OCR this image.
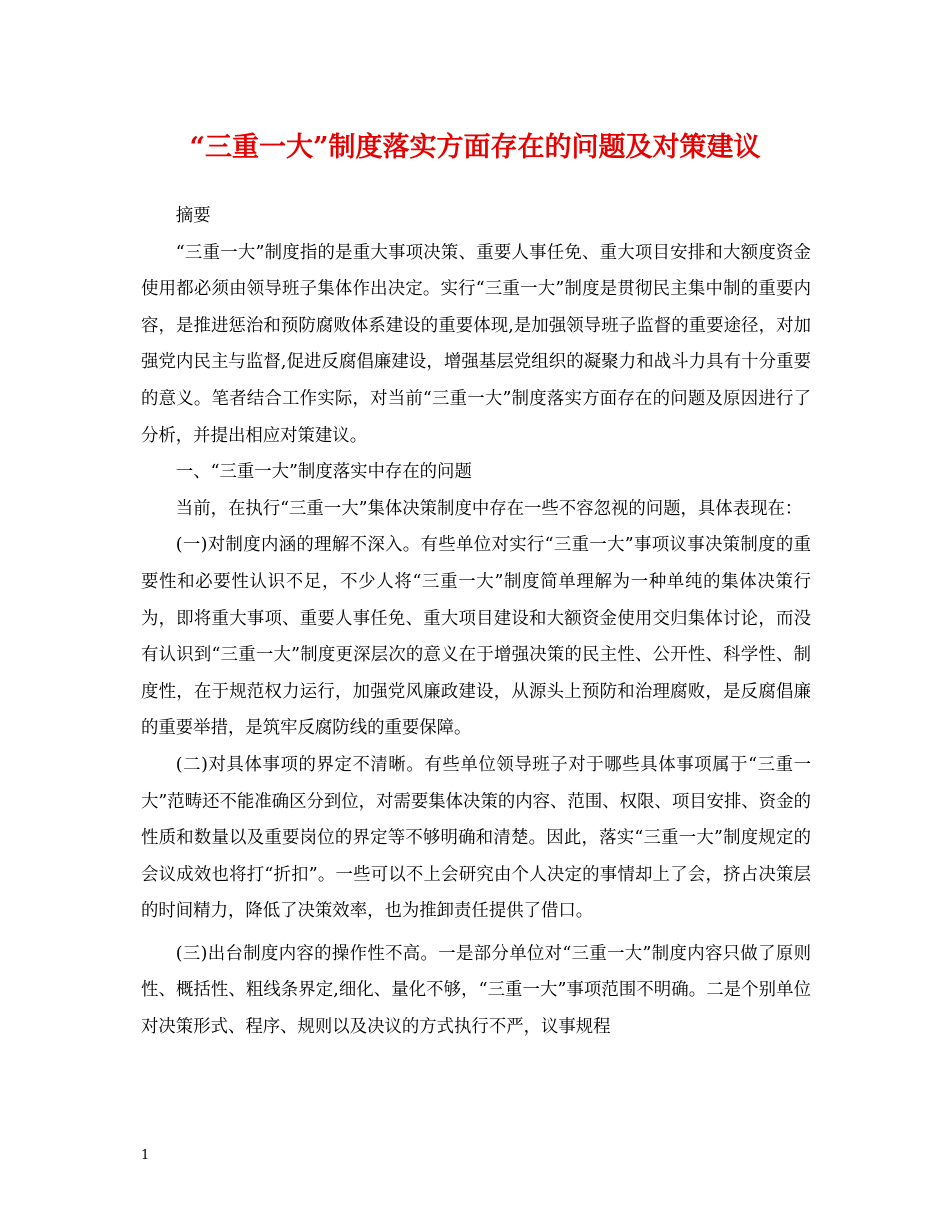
“三重一大”制度落实方面存在的问题及对策建议

摘要

“三重一大”制度指的是重大事项决策、重要人事任免、重大项目安排和大额度资金使用都必须由领导班子集体作出决定。实行“三重一大”制度是贯彻民主集中制的重要内容，是推进惩治和预防腐败体系建设的重要体现,是加强领导班子监督的重要途径，对加强党内民主与监督,促进反腐倡廉建设，增强基层党组织的凝聚力和战斗力具有十分重要的意义。笔者结合工作实际，对当前“三重一大”制度落实方面存在的问题及原因进行了分析，并提出相应对策建议。

一、“三重一大”制度落实中存在的问题

当前，在执行“三重一大”集体决策制度中存在一些不容忽视的问题，具体表现在：

(一)对制度内涵的理解不深入。有些单位对实行“三重一大”事项议事决策制度的重要性和必要性认识不足，不少人将“三重一大”制度简单理解为一种单纯的集体决策行为，即将重大事项、重要人事任免、重大项目建设和大额资金使用交归集体讨论，而没有认识到“三重一大”制度更深层次的意义在于增强决策的民主性、公开性、科学性、制度性，在于规范权力运行，加强党风廉政建设，从源头上预防和治理腐败，是反腐倡廉的重要举措，是筑牢反腐防线的重要保障。

(二)对具体事项的界定不清晰。有些单位领导班子对于哪些具体事项属于“三重一大”范畴还不能准确区分到位，对需要集体决策的内容、范围、权限、项目安排、资金的性质和数量以及重要岗位的界定等不够明确和清楚。因此，落实“三重一大”制度规定的会议成效也将打“折扣”。一些可以不上会研究由个人决定的事情却上了会，挤占决策层的时间精力，降低了决策效率，也为推卸责任提供了借口。

(三)出台制度内容的操作性不高。一是部分单位对“三重一大”制度内容只做了原则性、概括性、粗线条界定,细化、量化不够，“三重一大”事项范围不明确。二是个别单位对决策形式、程序、规则以及决议的方式执行不严，议事规程

1
